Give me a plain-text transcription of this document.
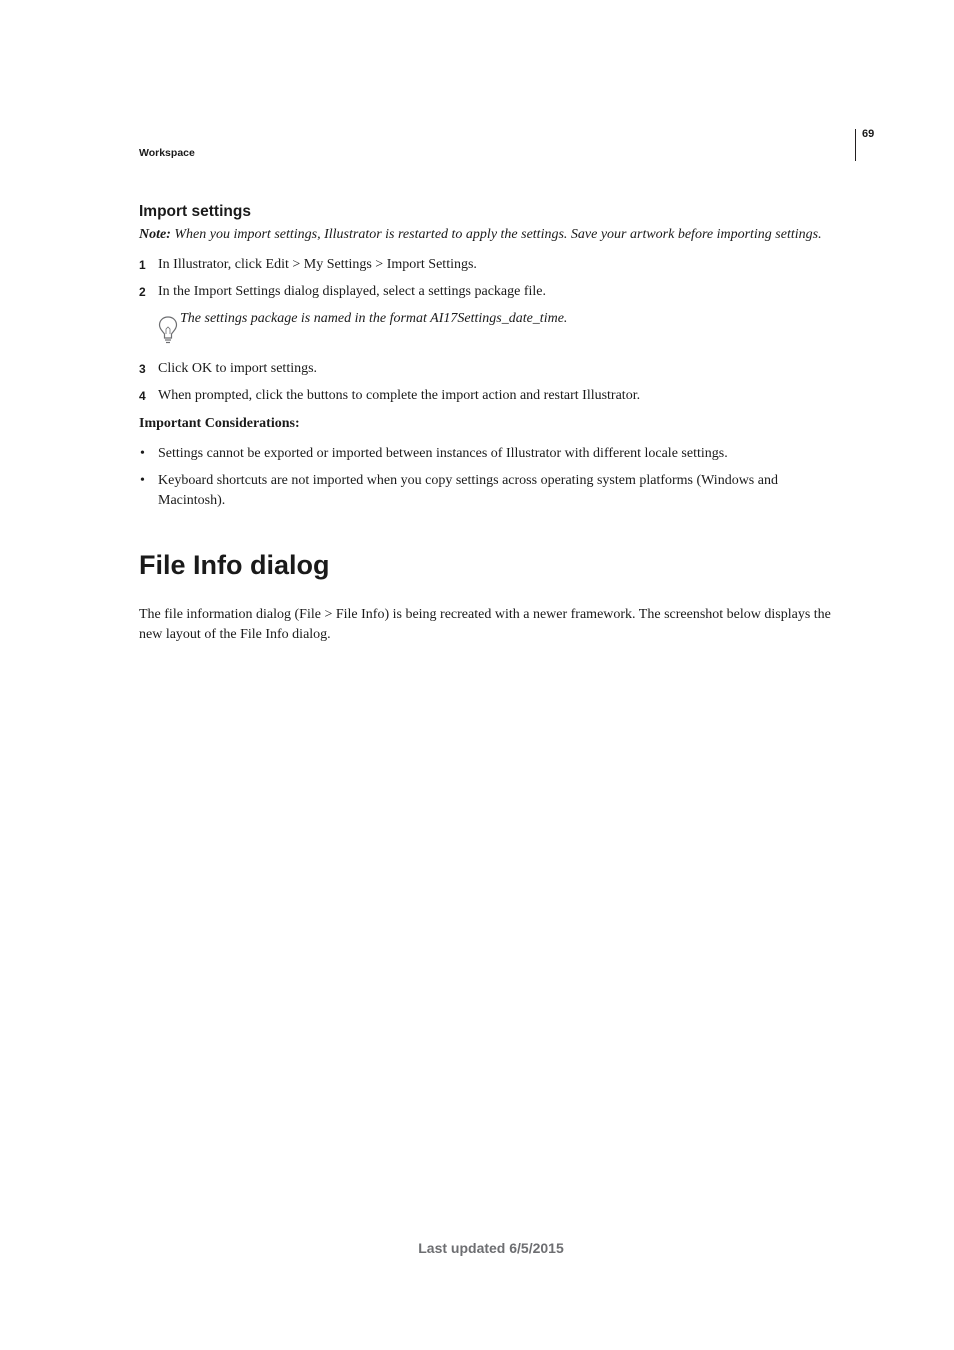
69
Workspace
Import settings
Note: When you import settings, Illustrator is restarted to apply the settings. Save your artwork before importing settings.
1 In Illustrator, click Edit > My Settings > Import Settings.
2 In the Import Settings dialog displayed, select a settings package file.
The settings package is named in the format AI17Settings_date_time.
3 Click OK to import settings.
4 When prompted, click the buttons to complete the import action and restart Illustrator.
Important Considerations:
• Settings cannot be exported or imported between instances of Illustrator with different locale settings.
• Keyboard shortcuts are not imported when you copy settings across operating system platforms (Windows and Macintosh).
File Info dialog

The file information dialog (File > File Info) is being recreated with a newer framework. The screenshot below displays the new layout of the File Info dialog.

Last updated 6/5/2015
